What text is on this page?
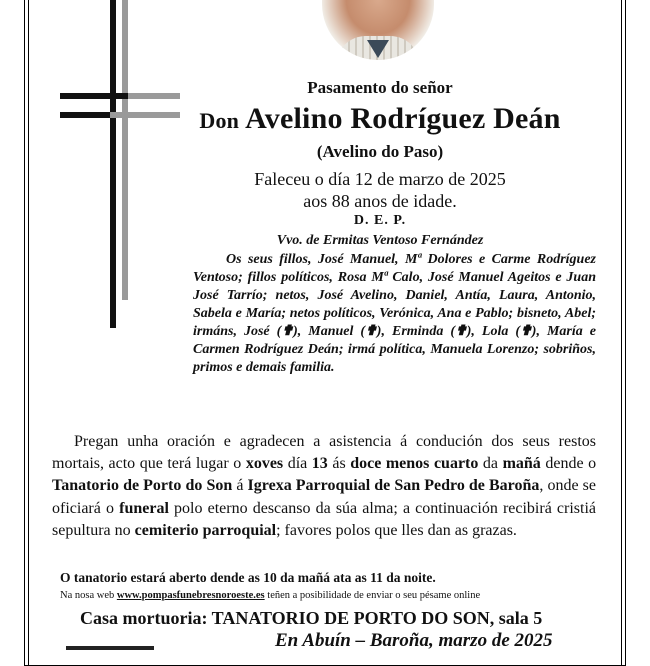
Pasamento do señor
Don Avelino Rodríguez Deán
(Avelino do Paso)
Faleceu o día 12 de marzo de 2025
aos 88 anos de idade.
D. E. P.
Vvo. de Ermitas Ventoso Fernández

Os seus fillos, José Manuel, Mª Dolores e Carme Rodríguez Ventoso; fillos políticos, Rosa Mª Calo, José Manuel Ageitos e Juan José Tarrío; netos, José Avelino, Daniel, Antía, Laura, Antonio, Sabela e María; netos políticos, Verónica, Ana e Pablo; bisneto, Abel; irmáns, José (✟), Manuel (✟), Erminda (✟), Lola (✟), María e Carmen Rodríguez Deán; irmá política, Manuela Lorenzo; sobriños, primos e demais familia.

Pregan unha oración e agradecen a asistencia á condución dos seus restos mortais, acto que terá lugar o xoves día 13 ás doce menos cuarto da mañá dende o Tanatorio de Porto do Son á Igrexa Parroquial de San Pedro de Baroña, onde se oficiará o funeral polo eterno descanso da súa alma; a continuación recibirá cristiá sepultura no cemiterio parroquial; favores polos que lles dan as grazas.

O tanatorio estará aberto dende as 10 da mañá ata as 11 da noite.
Na nosa web www.pompasfunebresnoroeste.es teñen a posibilidade de enviar o seu pésame online
Casa mortuoria: TANATORIO DE PORTO DO SON, sala 5
En Abuín – Baroña, marzo de 2025
